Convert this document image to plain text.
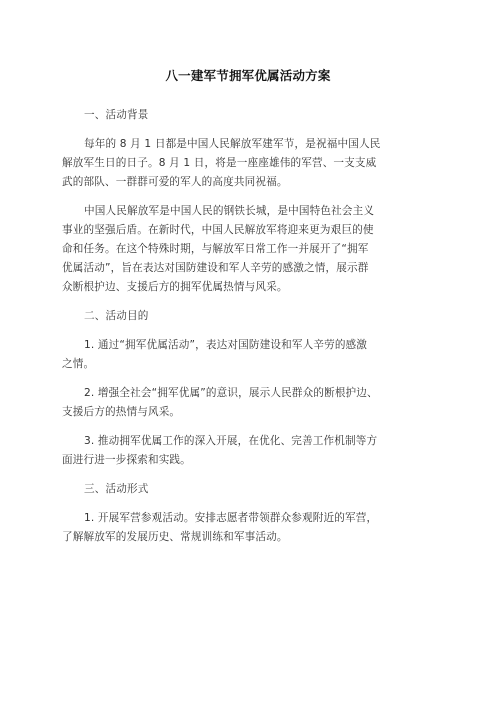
八一建军节拥军优属活动方案
一、活动背景
每年的 8 月 1 日都是中国人民解放军建军节，是祝福中国人民
解放军生日的日子。8 月 1 日，将是一座座雄伟的军营、一支支威
武的部队、一群群可爱的军人的高度共同祝福。
中国人民解放军是中国人民的钢铁长城，是中国特色社会主义
事业的坚强后盾。在新时代，中国人民解放军将迎来更为艰巨的使
命和任务。在这个特殊时期，与解放军日常工作一并展开了“拥军
优属活动”，旨在表达对国防建设和军人辛劳的感激之情，展示群
众断根护边、支援后方的拥军优属热情与风采。
二、活动目的
1. 通过“拥军优属活动”，表达对国防建设和军人辛劳的感激
之情。
2. 增强全社会“拥军优属”的意识，展示人民群众的断根护边、
支援后方的热情与风采。
3. 推动拥军优属工作的深入开展，在优化、完善工作机制等方
面进行进一步探索和实践。
三、活动形式
1. 开展军营参观活动。安排志愿者带领群众参观附近的军营，
了解解放军的发展历史、常规训练和军事活动。
